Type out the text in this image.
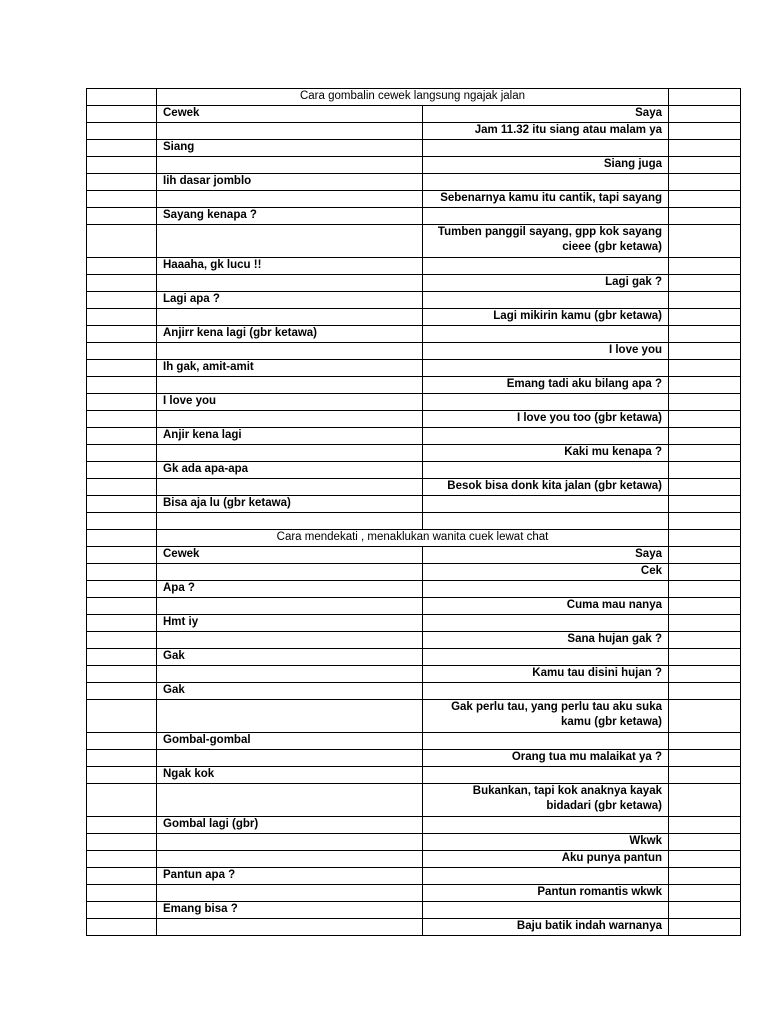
	Cara gombalin cewek langsung ngajak jalan		
	Cewek	Saya	
		Jam 11.32 itu siang atau malam ya	
	Siang		
		Siang juga	
	Iih dasar jomblo		
		Sebenarnya kamu itu cantik, tapi sayang	
	Sayang kenapa ?		
		Tumben panggil sayang, gpp kok sayang cieee (gbr ketawa)	
	Haaaha, gk lucu !!		
		Lagi gak ?	
	Lagi apa ?		
		Lagi mikirin kamu (gbr ketawa)	
	Anjirr kena lagi (gbr ketawa)		
		I love you	
	Ih gak, amit-amit		
		Emang tadi aku bilang apa ?	
	I love you		
		I love you too (gbr ketawa)	
	Anjir kena lagi		
		Kaki mu kenapa ?	
	Gk ada apa-apa		
		Besok bisa donk kita jalan (gbr ketawa)	
	Bisa aja lu (gbr ketawa)		

	Cara mendekati , menaklukan wanita cuek lewat chat		
	Cewek	Saya	
		Cek	
	Apa ?		
		Cuma mau nanya	
	Hmt iy		
		Sana hujan gak ?	
	Gak		
		Kamu tau disini hujan ?	
	Gak		
		Gak perlu tau, yang perlu tau aku suka kamu (gbr ketawa)	
	Gombal-gombal		
		Orang tua mu malaikat ya ?	
	Ngak kok		
		Bukankan, tapi kok anaknya kayak bidadari (gbr ketawa)	
	Gombal lagi (gbr)		
		Wkwk	
		Aku punya pantun	
	Pantun apa ?		
		Pantun romantis wkwk	
	Emang bisa ?		
		Baju batik indah warnanya	
